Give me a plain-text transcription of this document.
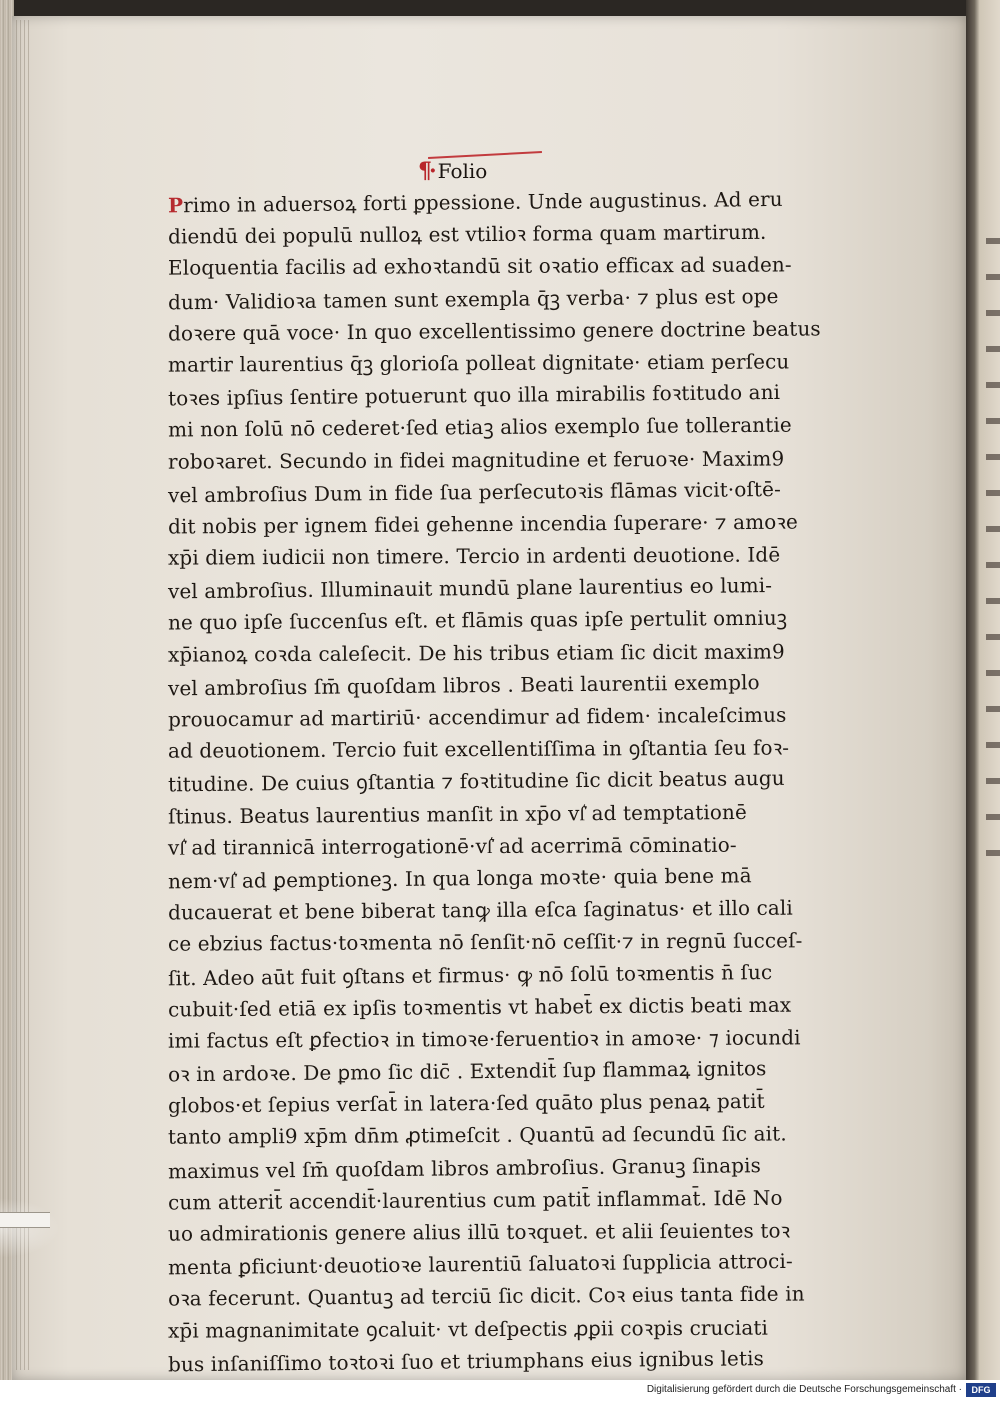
¶· Folio
Primo in aduersoꝝ forti ꝑpessione. Unde augustinus. Ad eru
diendū dei populū nulloꝝ est vtilioꝛ forma quam martirum.
Eloquentia facilis ad exhoꝛtandū sit oꝛatio efficax ad suaden-
dum· Validioꝛa tamen sunt exempla q̄ꝫ verba· ⁊ plus est ope
doꝛere quā voce· In quo excellentissimo genere doctrine beatus
martir laurentius q̄ꝫ glorioſa polleat dignitate· etiam perſecu
toꝛes ipſius ſentire potuerunt quo illa mirabilis foꝛtitudo ani
mi non ſolū nō cederet·ſed etiaꝫ alios exemplo ſue tollerantie
roboꝛaret. Secundo in fidei magnitudine et feruoꝛe· Maxim9
vel ambroſius Dum in fide ſua perſecutoꝛis flāmas vicit·oſtē-
dit nobis per ignem fidei gehenne incendia ſuperare· ⁊ amoꝛe
xp̄i diem iudicii non timere. Tercio in ardenti deuotione. Idē
vel ambroſius. Illuminauit mundū plane laurentius eo lumi-
ne quo ipſe ſuccenſus eſt. et flāmis quas ipſe pertulit omniuꝫ
xp̄ianoꝝ coꝛda caleſecit. De his tribus etiam ſic dicit maxim9
vel ambroſius ſm̄ quoſdam libros . Beati laurentii exemplo
prouocamur ad martiriū· accendimur ad fidem· incaleſcimus
ad deuotionem. Tercio fuit excellentiſſima in ꝯſtantia ſeu foꝛ-
titudine. De cuius ꝯſtantia ⁊ foꝛtitudine ſic dicit beatus augu
ſtinus. Beatus laurentius manſit in xp̄o vſ͛ ad temptationē
vſ͛ ad tirannicā interrogationē·vſ͛ ad acerrimā cōminatio-
nem·vſ͛ ad ꝑemptioneꝫ. In qua longa moꝛte· quia bene mā
ducauerat et bene biberat tanꝙ illa eſca ſaginatus· et illo cali
ce ebzius factus·toꝛmenta nō ſenſit·nō ceſſit·⁊ in regnū ſucceſ-
ſit. Adeo aūt fuit ꝯſtans et firmus· ꝙ nō ſolū toꝛmentis n̄ ſuc
cubuit·ſed etiā ex ipſis toꝛmentis vt habet̄ ex dictis beati max
imi factus eſt ꝑfectioꝛ in timoꝛe·feruentioꝛ in amoꝛe· ⁊ iocundi
oꝛ in ardoꝛe. De ꝑmo ſic dic̄ . Extendit̄ ſup flammaꝝ ignitos
globos·et ſepius verſat̄ in latera·ſed quāto plus penaꝝ patit̄
tanto ampli9 xp̄m dn̄m ꝓtimeſcit . Quantū ad ſecundū ſic ait.
maximus vel ſm̄ quoſdam libros ambroſius. Granuꝫ ſinapis
cum atterit̄ accendit̄·laurentius cum patit̄ inflammat̄. Idē No
uo admirationis genere alius illū toꝛquet. et alii ſeuientes toꝛ
menta ꝑficiunt·deuotioꝛe laurentiū ſaluatoꝛi ſupplicia attroci-
oꝛa fecerunt. Quantuꝫ ad terciū ſic dicit. Coꝛ eius tanta fide in
xp̄i magnanimitate ꝯcaluit· vt deſpectis ꝓꝑii coꝛpis cruciati
bus inſaniſſimo toꝛtoꝛi ſuo et triumphans eius ignibus letis
Digitalisierung gefördert durch die Deutsche Forschungsgemeinschaft ·	DFG
